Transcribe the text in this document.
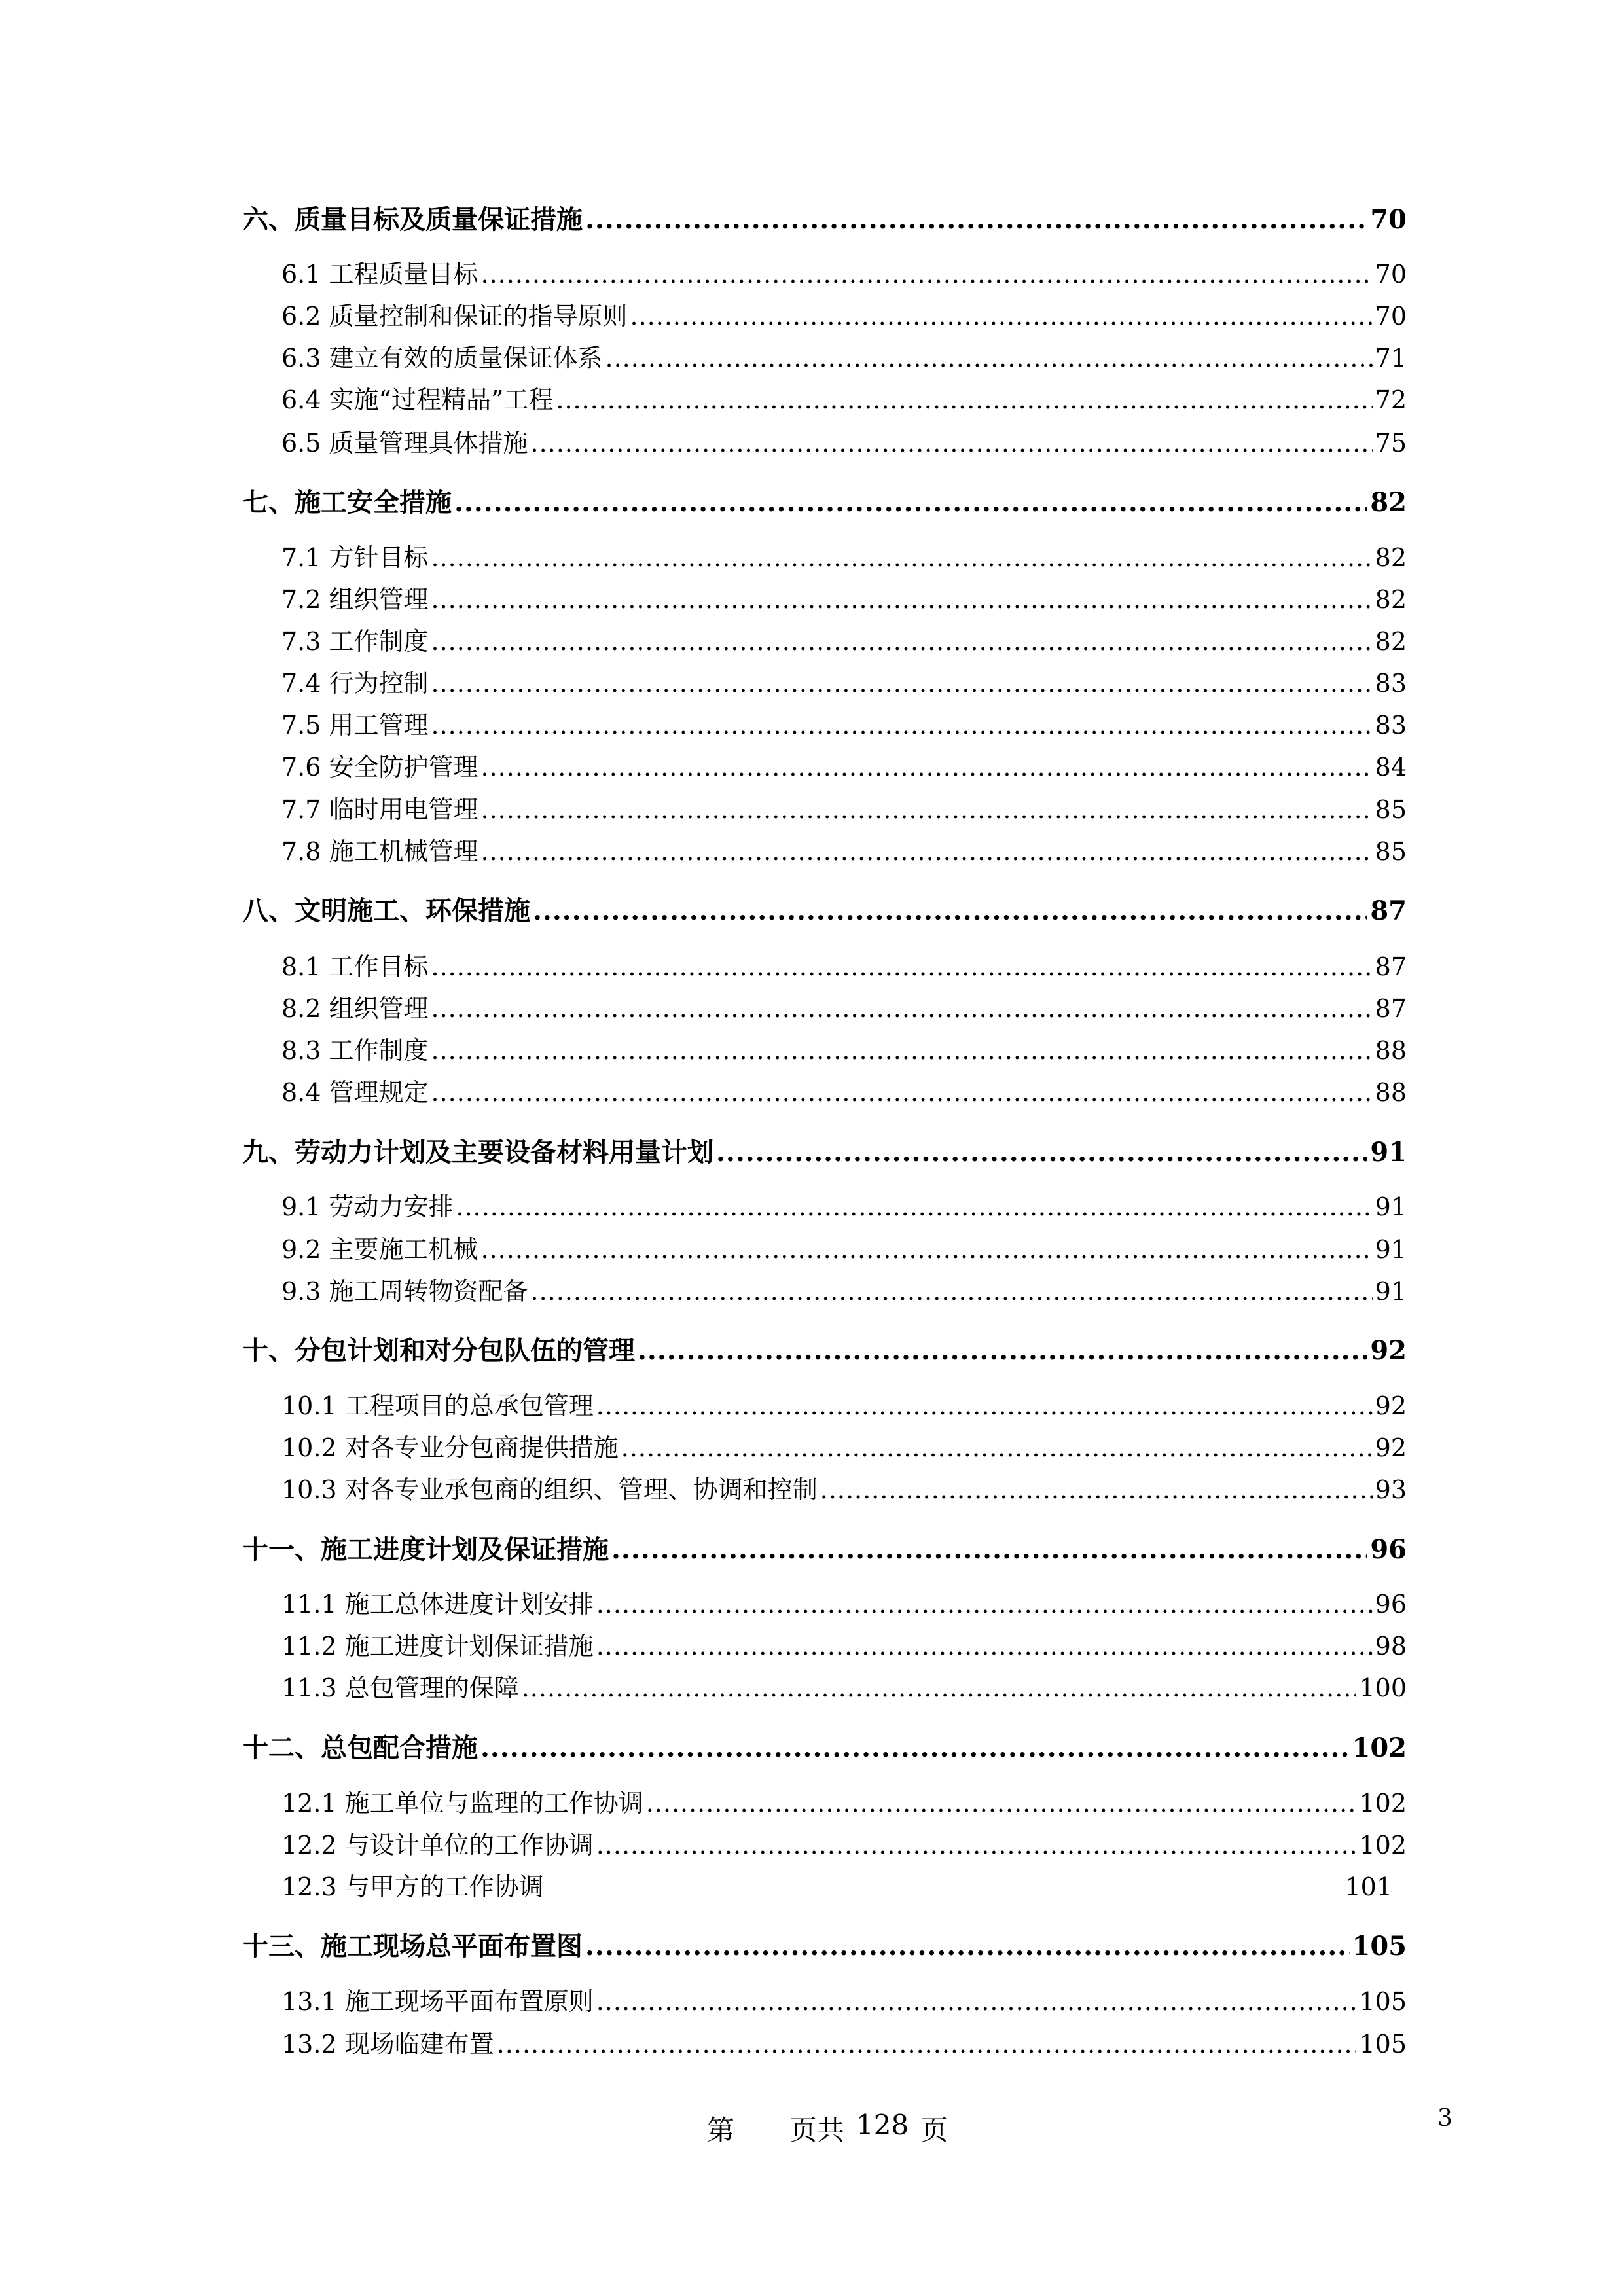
六、质量目标及质量保证措施 .....	70
6.1 工程质量目标 .....	70
6.2 质量控制和保证的指导原则 .....	70
6.3 建立有效的质量保证体系 .....	71
6.4 实施“过程精品”工程 .....	72
6.5 质量管理具体措施 .....	75
七、施工安全措施 .....	82
7.1 方针目标 .....	82
7.2 组织管理 .....	82
7.3 工作制度 .....	82
7.4 行为控制 .....	83
7.5 用工管理 .....	83
7.6 安全防护管理 .....	84
7.7 临时用电管理 .....	85
7.8 施工机械管理 .....	85
八、文明施工、环保措施 .....	87
8.1 工作目标 .....	87
8.2 组织管理 .....	87
8.3 工作制度 .....	88
8.4 管理规定 .....	88
九、劳动力计划及主要设备材料用量计划 .....	91
9.1 劳动力安排 .....	91
9.2 主要施工机械 .....	91
9.3 施工周转物资配备 .....	91
十、分包计划和对分包队伍的管理 .....	92
10.1 工程项目的总承包管理 .....	92
10.2 对各专业分包商提供措施 .....	92
10.3 对各专业承包商的组织、管理、协调和控制 .....	93
十一、施工进度计划及保证措施 .....	96
11.1 施工总体进度计划安排 .....	96
11.2 施工进度计划保证措施 .....	98
11.3 总包管理的保障 .....	100
十二、总包配合措施 .....	102
12.1 施工单位与监理的工作协调 .....	102
12.2 与设计单位的工作协调 .....	102
12.3 与甲方的工作协调	101
十三、施工现场总平面布置图 .....	105
13.1 施工现场平面布置原则 .....	105
13.2 现场临建布置 .....	105
第 页共 128 页	3
